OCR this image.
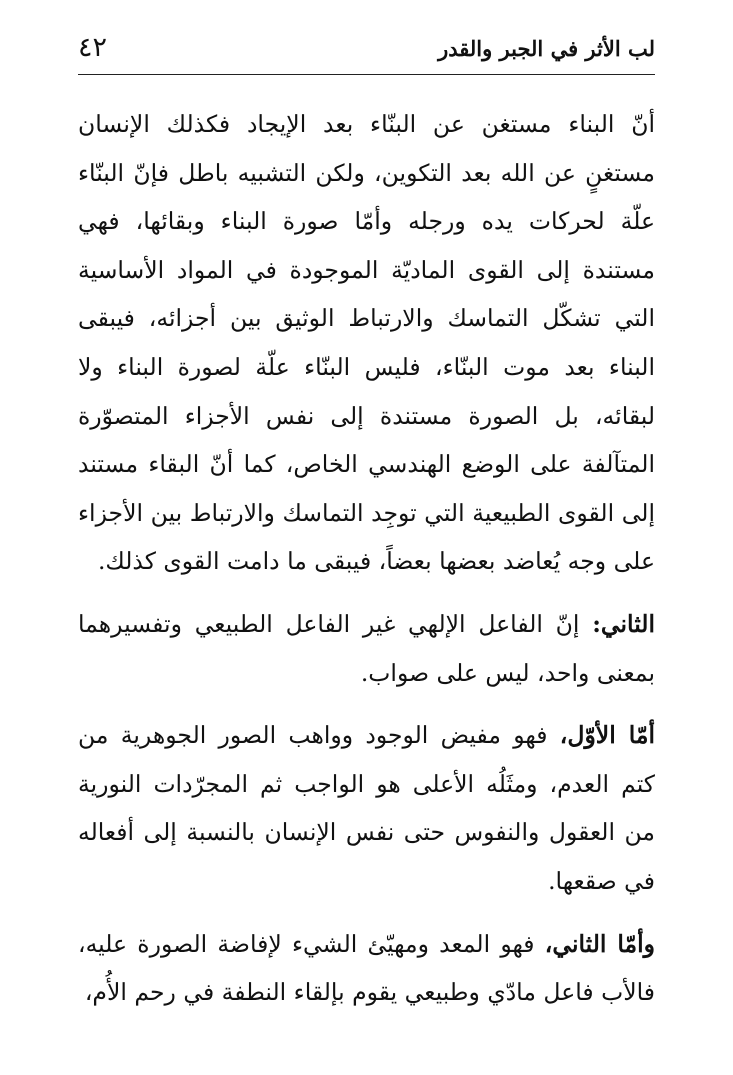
لب الأثر في الجبر والقدر
٤٢

أنّ البناء مستغن عن البنّاء بعد الإيجاد فكذلك الإنسان مستغنٍ عن الله بعد التكوين، ولكن التشبيه باطل فإنّ البنّاء علّة لحركات يده ورجله وأمّا صورة البناء وبقائها، فهي مستندة إلى القوى الماديّة الموجودة في المواد الأساسية التي تشكّل التماسك والارتباط الوثيق بين أجزائه، فيبقى البناء بعد موت البنّاء، فليس البنّاء علّة لصورة البناء ولا لبقائه، بل الصورة مستندة إلى نفس الأجزاء المتصوّرة المتآلفة على الوضع الهندسي الخاص، كما أنّ البقاء مستند إلى القوى الطبيعية التي توجِد التماسك والارتباط بين الأجزاء على وجه يُعاضد بعضها بعضاً، فيبقى ما دامت القوى كذلك.

الثاني: إنّ الفاعل الإلهي غير الفاعل الطبيعي وتفسيرهما بمعنى واحد، ليس على صواب.

أمّا الأوّل، فهو مفيض الوجود وواهب الصور الجوهرية من كتم العدم، ومثَلُه الأعلى هو الواجب ثم المجرّدات النورية من العقول والنفوس حتى نفس الإنسان بالنسبة إلى أفعاله في صقعها.

وأمّا الثاني، فهو المعد ومهيّئ الشيء لإفاضة الصورة عليه، فالأب فاعل مادّي وطبيعي يقوم بإلقاء النطفة في رحم الأُم،
